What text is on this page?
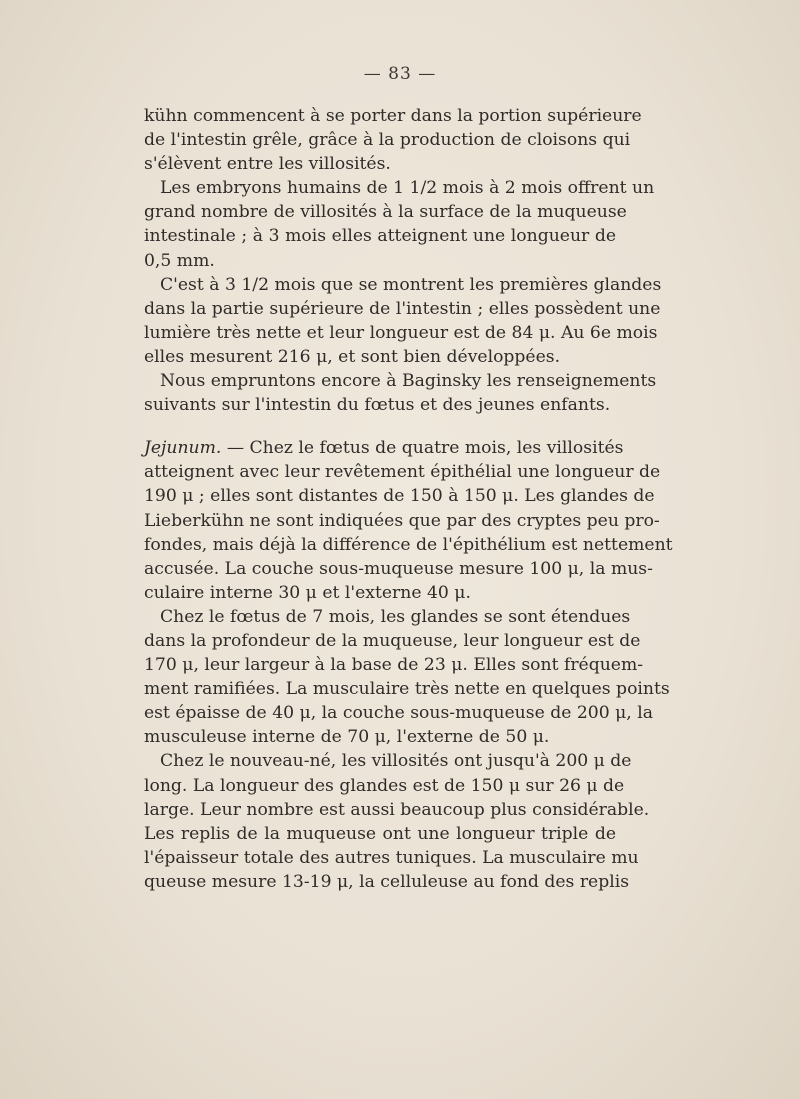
— 83 —
kühn commencent à se porter dans la portion supérieure
de l'intestin grêle, grâce à la production de cloisons qui
s'élèvent entre les villosités.
Les embryons humains de 1 1/2 mois à 2 mois offrent un
grand nombre de villosités à la surface de la muqueuse
intestinale ; à 3 mois elles atteignent une longueur de
0,5 mm.
C'est à 3 1/2 mois que se montrent les premières glandes
dans la partie supérieure de l'intestin ; elles possèdent une
lumière très nette et leur longueur est de 84 μ. Au 6e mois
elles mesurent 216 μ, et sont bien développées.
Nous empruntons encore à Baginsky les renseignements
suivants sur l'intestin du fœtus et des jeunes enfants.
Jejunum. — Chez le fœtus de quatre mois, les villosités
atteignent avec leur revêtement épithélial une longueur de
190 μ ; elles sont distantes de 150 à 150 μ. Les glandes de
Lieberkühn ne sont indiquées que par des cryptes peu pro-
fondes, mais déjà la différence de l'épithélium est nettement
accusée. La couche sous-muqueuse mesure 100 μ, la mus-
culaire interne 30 μ et l'externe 40 μ.
Chez le fœtus de 7 mois, les glandes se sont étendues
dans la profondeur de la muqueuse, leur longueur est de
170 μ, leur largeur à la base de 23 μ. Elles sont fréquem-
ment ramifiées. La musculaire très nette en quelques points
est épaisse de 40 μ, la couche sous-muqueuse de 200 μ, la
musculeuse interne de 70 μ, l'externe de 50 μ.
Chez le nouveau-né, les villosités ont jusqu'à 200 μ de
long. La longueur des glandes est de 150 μ sur 26 μ de
large. Leur nombre est aussi beaucoup plus considérable.
Les replis de la muqueuse ont une longueur triple de
l'épaisseur totale des autres tuniques. La musculaire mu
queuse mesure 13-19 μ, la celluleuse au fond des replis
